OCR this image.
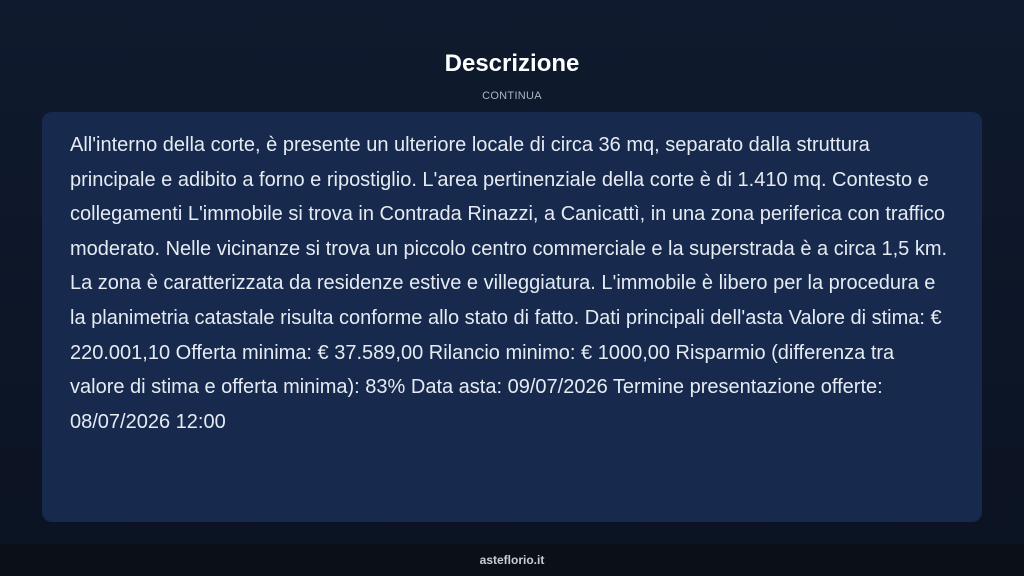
Descrizione
CONTINUA

All'interno della corte, è presente un ulteriore locale di circa 36 mq, separato dalla struttura principale e adibito a forno e ripostiglio. L'area pertinenziale della corte è di 1.410 mq. Contesto e collegamenti L'immobile si trova in Contrada Rinazzi, a Canicattì, in una zona periferica con traffico moderato. Nelle vicinanze si trova un piccolo centro commerciale e la superstrada è a circa 1,5 km. La zona è caratterizzata da residenze estive e villeggiatura. L'immobile è libero per la procedura e la planimetria catastale risulta conforme allo stato di fatto. Dati principali dell'asta Valore di stima: € 220.001,10 Offerta minima: € 37.589,00 Rilancio minimo: € 1000,00 Risparmio (differenza tra valore di stima e offerta minima): 83% Data asta: 09/07/2026 Termine presentazione offerte: 08/07/2026 12:00

asteflorio.it
